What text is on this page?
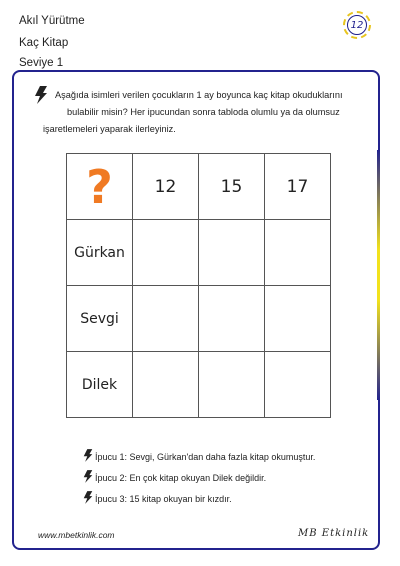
Akıl Yürütme
Kaç Kitap
Seviye 1
12
Aşağıda isimleri verilen çocukların 1 ay boyunca kaç kitap okuduklarını
bulabilir misin? Her ipucundan sonra tabloda olumlu ya da olumsuz
işaretlemeleri yaparak ilerleyiniz.
?	12	15	17
Gürkan			
Sevgi			
Dilek			
İpucu 1: Sevgi, Gürkan'dan daha fazla kitap okumuştur.
İpucu 2: En çok kitap okuyan Dilek değildir.
İpucu 3: 15 kitap okuyan bir kızdır.
www.mbetkinlik.com	MB Etkinlik
